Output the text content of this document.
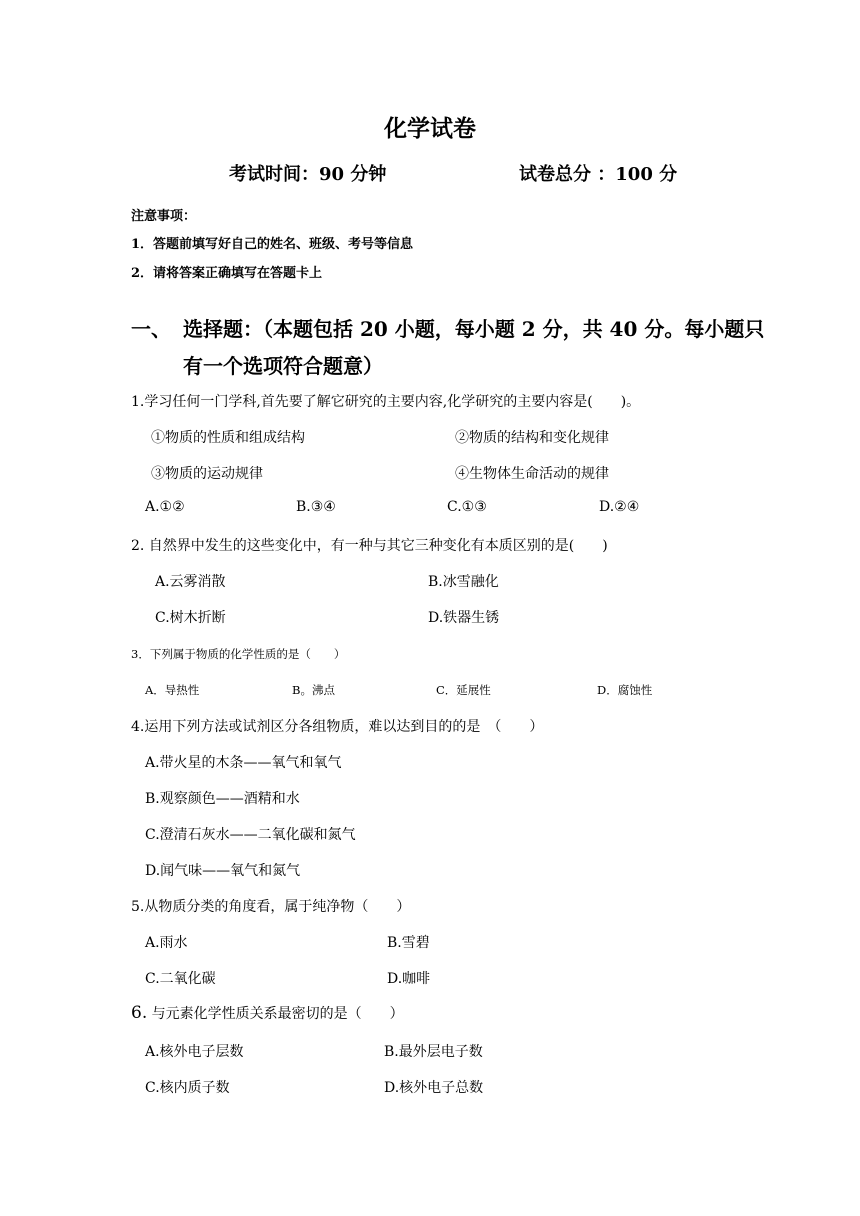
化学试卷
考试时间：90 分钟	试卷总分 ：100 分
注意事项：
1．答题前填写好自己的姓名、班级、考号等信息
2．请将答案正确填写在答题卡上
一、 选择题：（本题包括 20 小题，每小题 2 分，共 40 分。每小题只有一个选项符合题意）
1.学习任何一门学科,首先要了解它研究的主要内容,化学研究的主要内容是(　　)。
①物质的性质和组成结构	②物质的结构和变化规律
③物质的运动规律	④生物体生命活动的规律
A.①②	B.③④	C.①③	D.②④
2. 自然界中发生的这些变化中，有一种与其它三种变化有本质区别的是(　　)
A.云雾消散	B.冰雪融化
C.树木折断	D.铁器生锈
3．下列属于物质的化学性质的是（　　）
A．导热性	B。沸点	C．延展性	D．腐蚀性
4.运用下列方法或试剂区分各组物质，难以达到目的的是　（　　）
A.带火星的木条——氧气和氧气
B.观察颜色——酒精和水
C.澄清石灰水——二氧化碳和氮气
D.闻气味——氧气和氮气
5.从物质分类的角度看，属于纯净物（　　）
A.雨水	B.雪碧
C.二氧化碳	D.咖啡
6. 与元素化学性质关系最密切的是（　　）
A.核外电子层数	B.最外层电子数
C.核内质子数	D.核外电子总数
